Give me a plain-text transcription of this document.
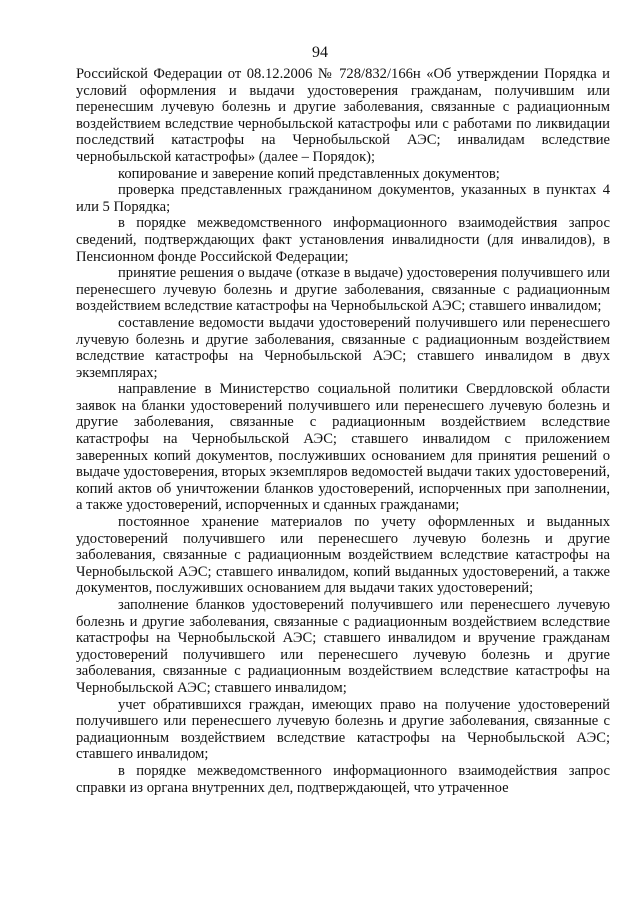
94

Российской Федерации от 08.12.2006 № 728/832/166н «Об утверждении Порядка и условий оформления и выдачи удостоверения гражданам, получившим или перенесшим лучевую болезнь и другие заболевания, связанные с радиационным воздействием вследствие чернобыльской катастрофы или с работами по ликвидации последствий катастрофы на Чернобыльской АЭС; инвалидам вследствие чернобыльской катастрофы» (далее – Порядок);

копирование и заверение копий представленных документов;

проверка представленных гражданином документов, указанных в пунктах 4 или 5 Порядка;

в порядке межведомственного информационного взаимодействия запрос сведений, подтверждающих факт установления инвалидности (для инвалидов), в Пенсионном фонде Российской Федерации;

принятие решения о выдаче (отказе в выдаче) удостоверения получившего или перенесшего лучевую болезнь и другие заболевания, связанные с радиационным воздействием вследствие катастрофы на Чернобыльской АЭС; ставшего инвалидом;

составление ведомости выдачи удостоверений получившего или перенесшего лучевую болезнь и другие заболевания, связанные с радиационным воздействием вследствие катастрофы на Чернобыльской АЭС; ставшего инвалидом в двух экземплярах;

направление в Министерство социальной политики Свердловской области заявок на бланки удостоверений получившего или перенесшего лучевую болезнь и другие заболевания, связанные с радиационным воздействием вследствие катастрофы на Чернобыльской АЭС; ставшего инвалидом с приложением заверенных копий документов, послуживших основанием для принятия решений о выдаче удостоверения, вторых экземпляров ведомостей выдачи таких удостоверений, копий актов об уничтожении бланков удостоверений, испорченных при заполнении, а также удостоверений, испорченных и сданных гражданами;

постоянное хранение материалов по учету оформленных и выданных удостоверений получившего или перенесшего лучевую болезнь и другие заболевания, связанные с радиационным воздействием вследствие катастрофы на Чернобыльской АЭС; ставшего инвалидом, копий выданных удостоверений, а также документов, послуживших основанием для выдачи таких удостоверений;

заполнение бланков удостоверений получившего или перенесшего лучевую болезнь и другие заболевания, связанные с радиационным воздействием вследствие катастрофы на Чернобыльской АЭС; ставшего инвалидом и вручение гражданам удостоверений получившего или перенесшего лучевую болезнь и другие заболевания, связанные с радиационным воздействием вследствие катастрофы на Чернобыльской АЭС; ставшего инвалидом;

учет обратившихся граждан, имеющих право на получение удостоверений получившего или перенесшего лучевую болезнь и другие заболевания, связанные с радиационным воздействием вследствие катастрофы на Чернобыльской АЭС; ставшего инвалидом;

в порядке межведомственного информационного взаимодействия запрос справки из органа внутренних дел, подтверждающей, что утраченное
